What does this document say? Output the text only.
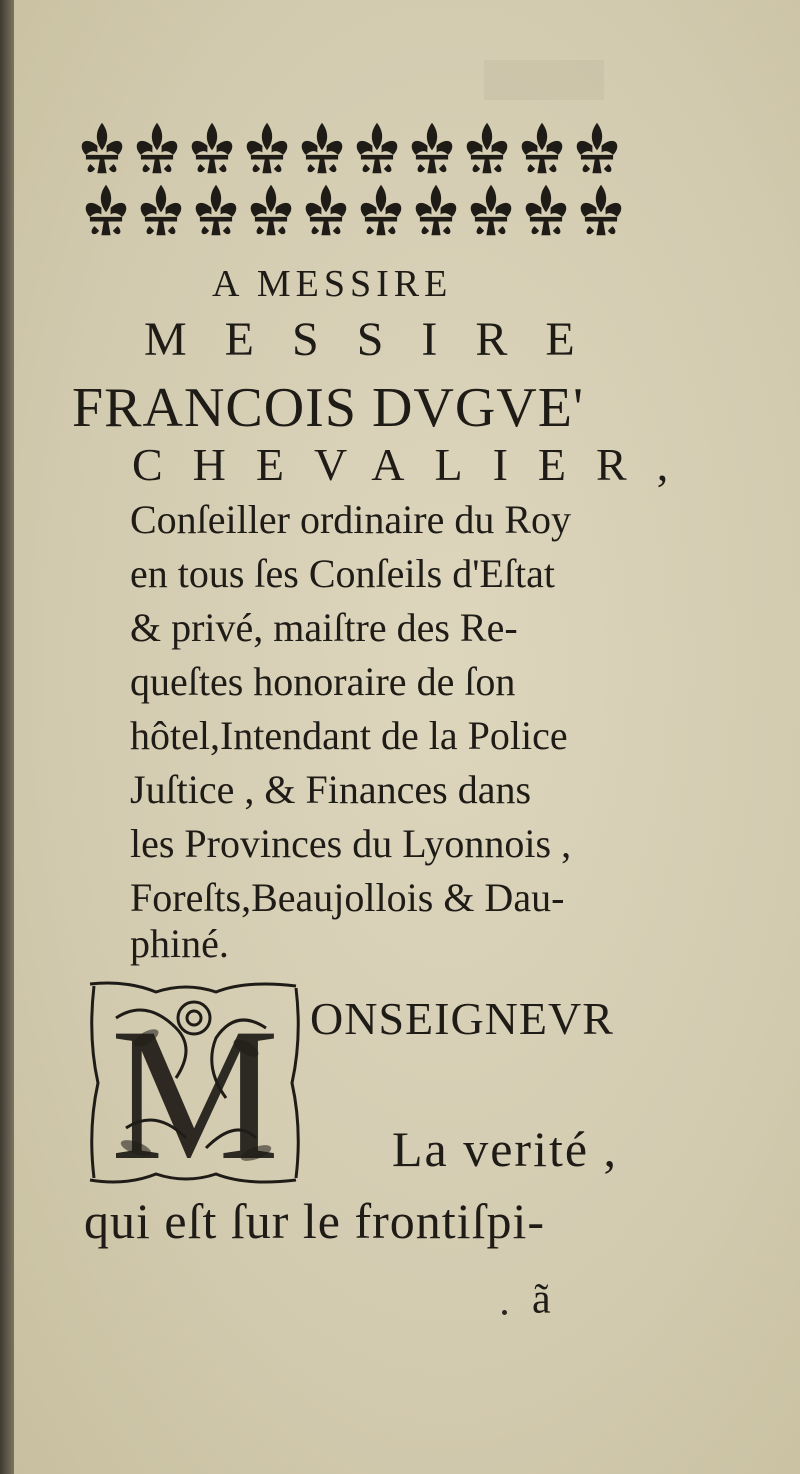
A MESSIRE
MESSIRE
FRANCOIS DVGVE'
CHEVALIER,
Conſeiller ordinaire du Roy
en tous ſes Conſeils d'Eſtat
& privé, maiſtre des Re-
queſtes honoraire de ſon
hôtel,Intendant de la Police
Juſtice , & Finances dans
les Provinces du Lyonnois ,
Foreſts,Beaujollois & Dau-
phiné.
M ONSEIGNEVR
La verité ,
qui eſt ſur le frontiſpi-
ã
